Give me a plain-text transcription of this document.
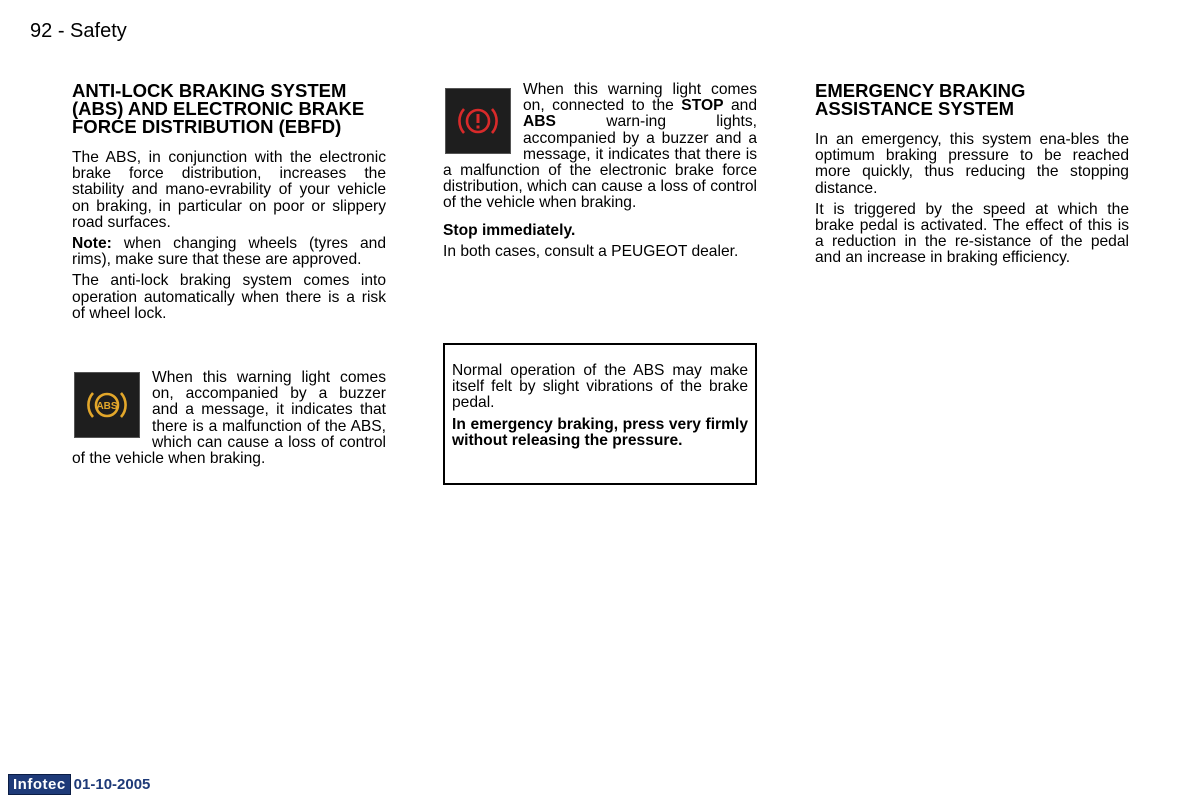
92 - Safety
ANTI-LOCK BRAKING SYSTEM (ABS) AND ELECTRONIC BRAKE FORCE DISTRIBUTION (EBFD)

The ABS, in conjunction with the electronic brake force distribution, increases the stability and mano-evrability of your vehicle on braking, in particular on poor or slippery road surfaces.

Note: when changing wheels (tyres and rims), make sure that these are approved.

The anti-lock braking system comes into operation automatically when there is a risk of wheel lock.

ABS

When this warning light comes on, accompanied by a buzzer and a message, it indicates that there is a malfunction of the ABS, which can cause a loss of control of the vehicle when braking.

When this warning light comes on, connected to the STOP and ABS warn-ing lights, accompanied by a buzzer and a message, it indicates that there is a malfunction of the electronic brake force distribution, which can cause a loss of control of the vehicle when braking.

Stop immediately.

In both cases, consult a PEUGEOT dealer.

Normal operation of the ABS may make itself felt by slight vibrations of the brake pedal.

In emergency braking, press very firmly without releasing the pressure.

EMERGENCY BRAKING ASSISTANCE SYSTEM

In an emergency, this system ena-bles the optimum braking pressure to be reached more quickly, thus reducing the stopping distance.

It is triggered by the speed at which the brake pedal is activated. The effect of this is a reduction in the re-sistance of the pedal and an increase in braking efficiency.

Infotec 01-10-2005
